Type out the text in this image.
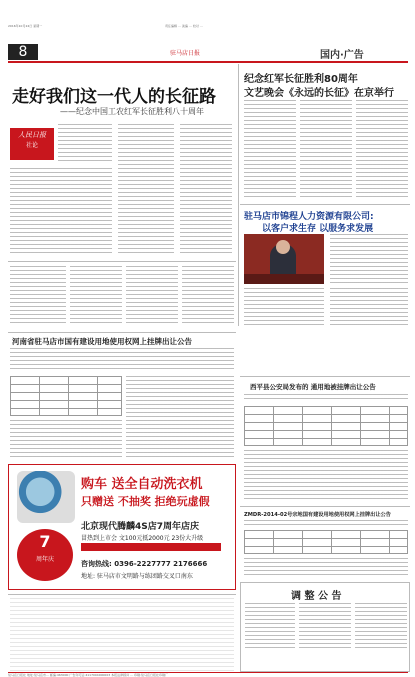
2016年10月24日 星期一	责任编辑 … 美编 … 校对 …
8	驻马店日报	国内·广告
走好我们这一代人的长征路
——纪念中国工农红军长征胜利八十周年
人民日报
社论
纪念红军长征胜利80周年
文艺晚会《永远的长征》在京举行
驻马店市锦程人力资源有限公司:
以客户求生存 以服务求发展
河南省驻马店市国有建设用地使用权网上挂牌出让公告
西平县公安局发布的 通用地被挂牌出让公告
购车 送全自动洗衣机
只赠送 不抽奖 拒绝玩虚假
7
周年庆
北京现代腾麟4S店7周年店庆
冒热到上市会 文100元抵2000元 23份大升级
咨询热线: 0396-2227777 2176666
地址: 驻马店市文明路与练团路交叉口南东
ZMDR-2014-02号宗地国有建设用地使用权网上挂牌出让公告
调 整 公 告
驻马店日报社 地址:驻马店市… 邮编:463000 广告许可证:4117004000003 本报法律顾问 … 印刷:驻马店日报社印刷厂
